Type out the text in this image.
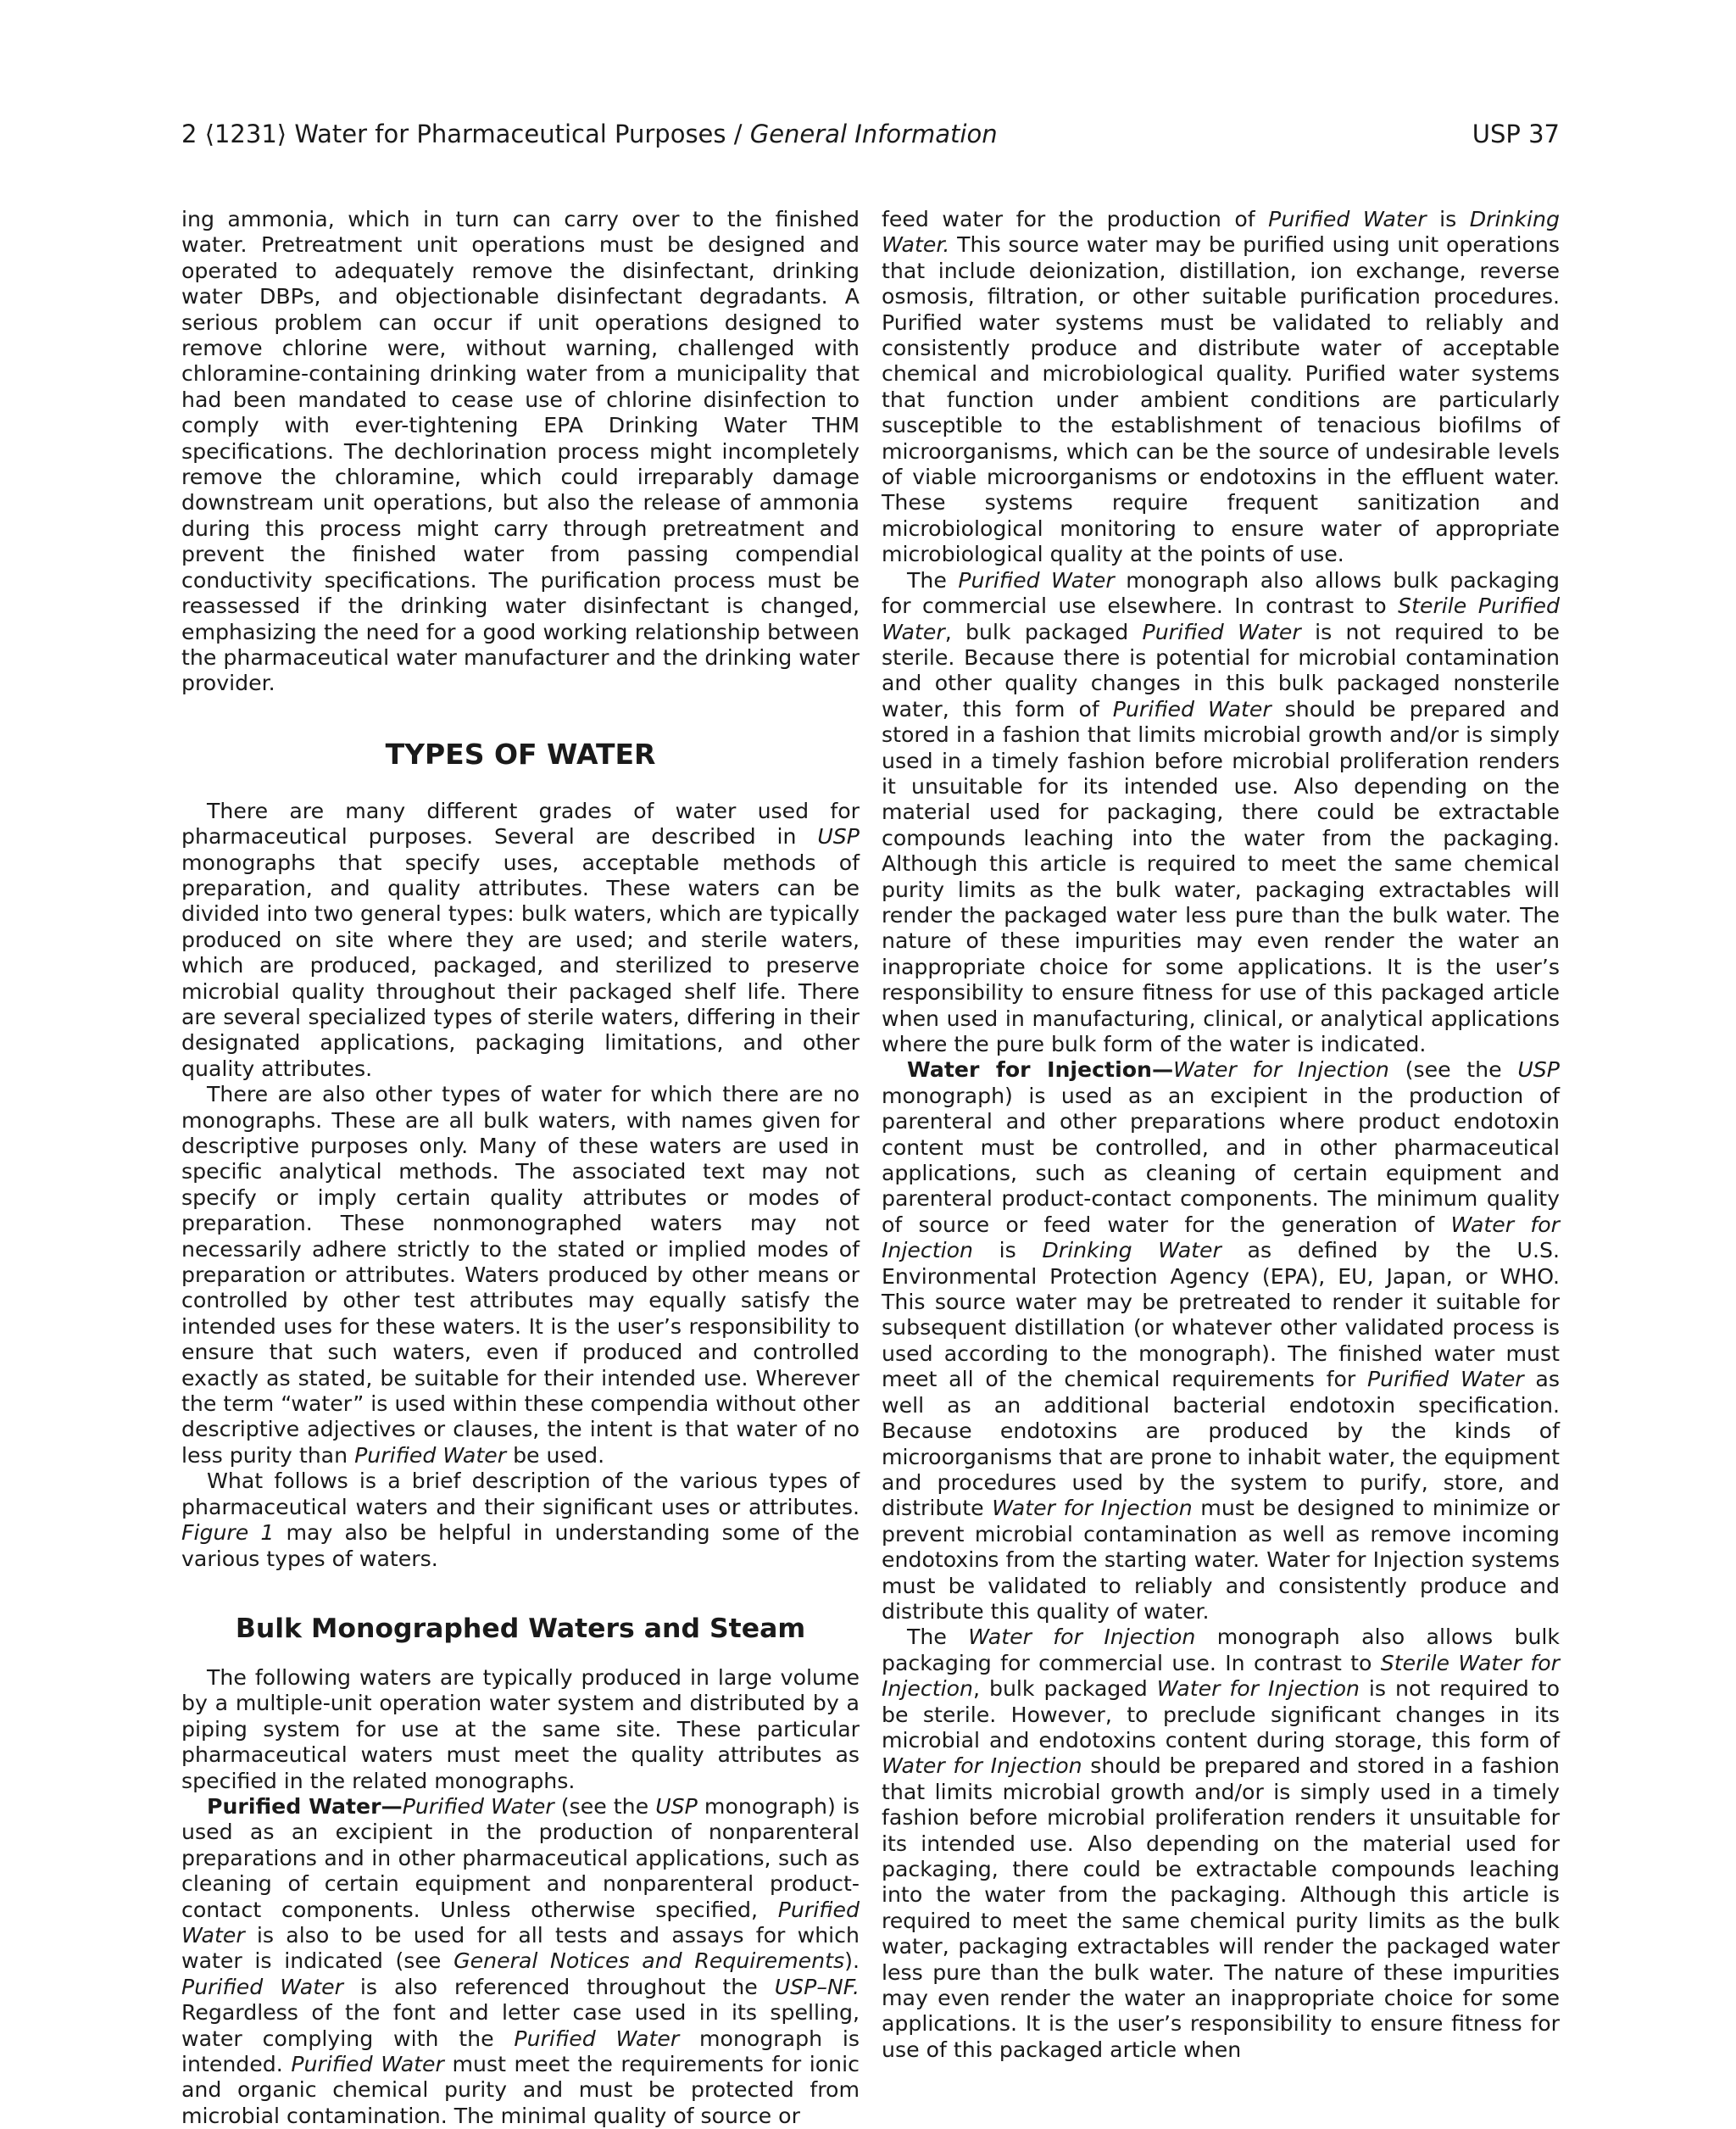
2 ⟨1231⟩ Water for Pharmaceutical Purposes / General Information	USP 37

ing ammonia, which in turn can carry over to the finished water. Pretreatment unit operations must be designed and operated to adequately remove the disinfectant, drinking water DBPs, and objectionable disinfectant degradants. A serious problem can occur if unit operations designed to remove chlorine were, without warning, challenged with chloramine-containing drinking water from a municipality that had been mandated to cease use of chlorine disinfection to comply with ever-tightening EPA Drinking Water THM specifications. The dechlorination process might incompletely remove the chloramine, which could irreparably damage downstream unit operations, but also the release of ammonia during this process might carry through pretreatment and prevent the finished water from passing compendial conductivity specifications. The purification process must be reassessed if the drinking water disinfectant is changed, emphasizing the need for a good working relationship between the pharmaceutical water manufacturer and the drinking water provider.

TYPES OF WATER

There are many different grades of water used for pharmaceutical purposes. Several are described in USP monographs that specify uses, acceptable methods of preparation, and quality attributes. These waters can be divided into two general types: bulk waters, which are typically produced on site where they are used; and sterile waters, which are produced, packaged, and sterilized to preserve microbial quality throughout their packaged shelf life. There are several specialized types of sterile waters, differing in their designated applications, packaging limitations, and other quality attributes.

There are also other types of water for which there are no monographs. These are all bulk waters, with names given for descriptive purposes only. Many of these waters are used in specific analytical methods. The associated text may not specify or imply certain quality attributes or modes of preparation. These nonmonographed waters may not necessarily adhere strictly to the stated or implied modes of preparation or attributes. Waters produced by other means or controlled by other test attributes may equally satisfy the intended uses for these waters. It is the user’s responsibility to ensure that such waters, even if produced and controlled exactly as stated, be suitable for their intended use. Wherever the term “water” is used within these compendia without other descriptive adjectives or clauses, the intent is that water of no less purity than Purified Water be used.

What follows is a brief description of the various types of pharmaceutical waters and their significant uses or attributes. Figure 1 may also be helpful in understanding some of the various types of waters.

Bulk Monographed Waters and Steam

The following waters are typically produced in large volume by a multiple-unit operation water system and distributed by a piping system for use at the same site. These particular pharmaceutical waters must meet the quality attributes as specified in the related monographs.

Purified Water—Purified Water (see the USP monograph) is used as an excipient in the production of nonparenteral preparations and in other pharmaceutical applications, such as cleaning of certain equipment and nonparenteral product-contact components. Unless otherwise specified, Purified Water is also to be used for all tests and assays for which water is indicated (see General Notices and Requirements). Purified Water is also referenced throughout the USP–NF. Regardless of the font and letter case used in its spelling, water complying with the Purified Water monograph is intended. Purified Water must meet the requirements for ionic and organic chemical purity and must be protected from microbial contamination. The minimal quality of source or

feed water for the production of Purified Water is Drinking Water. This source water may be purified using unit operations that include deionization, distillation, ion exchange, reverse osmosis, filtration, or other suitable purification procedures. Purified water systems must be validated to reliably and consistently produce and distribute water of acceptable chemical and microbiological quality. Purified water systems that function under ambient conditions are particularly susceptible to the establishment of tenacious biofilms of microorganisms, which can be the source of undesirable levels of viable microorganisms or endotoxins in the effluent water. These systems require frequent sanitization and microbiological monitoring to ensure water of appropriate microbiological quality at the points of use.

The Purified Water monograph also allows bulk packaging for commercial use elsewhere. In contrast to Sterile Purified Water, bulk packaged Purified Water is not required to be sterile. Because there is potential for microbial contamination and other quality changes in this bulk packaged nonsterile water, this form of Purified Water should be prepared and stored in a fashion that limits microbial growth and/or is simply used in a timely fashion before microbial proliferation renders it unsuitable for its intended use. Also depending on the material used for packaging, there could be extractable compounds leaching into the water from the packaging. Although this article is required to meet the same chemical purity limits as the bulk water, packaging extractables will render the packaged water less pure than the bulk water. The nature of these impurities may even render the water an inappropriate choice for some applications. It is the user’s responsibility to ensure fitness for use of this packaged article when used in manufacturing, clinical, or analytical applications where the pure bulk form of the water is indicated.

Water for Injection—Water for Injection (see the USP monograph) is used as an excipient in the production of parenteral and other preparations where product endotoxin content must be controlled, and in other pharmaceutical applications, such as cleaning of certain equipment and parenteral product-contact components. The minimum quality of source or feed water for the generation of Water for Injection is Drinking Water as defined by the U.S. Environmental Protection Agency (EPA), EU, Japan, or WHO. This source water may be pretreated to render it suitable for subsequent distillation (or whatever other validated process is used according to the monograph). The finished water must meet all of the chemical requirements for Purified Water as well as an additional bacterial endotoxin specification. Because endotoxins are produced by the kinds of microorganisms that are prone to inhabit water, the equipment and procedures used by the system to purify, store, and distribute Water for Injection must be designed to minimize or prevent microbial contamination as well as remove incoming endotoxins from the starting water. Water for Injection systems must be validated to reliably and consistently produce and distribute this quality of water.

The Water for Injection monograph also allows bulk packaging for commercial use. In contrast to Sterile Water for Injection, bulk packaged Water for Injection is not required to be sterile. However, to preclude significant changes in its microbial and endotoxins content during storage, this form of Water for Injection should be prepared and stored in a fashion that limits microbial growth and/or is simply used in a timely fashion before microbial proliferation renders it unsuitable for its intended use. Also depending on the material used for packaging, there could be extractable compounds leaching into the water from the packaging. Although this article is required to meet the same chemical purity limits as the bulk water, packaging extractables will render the packaged water less pure than the bulk water. The nature of these impurities may even render the water an inappropriate choice for some applications. It is the user’s responsibility to ensure fitness for use of this packaged article when
